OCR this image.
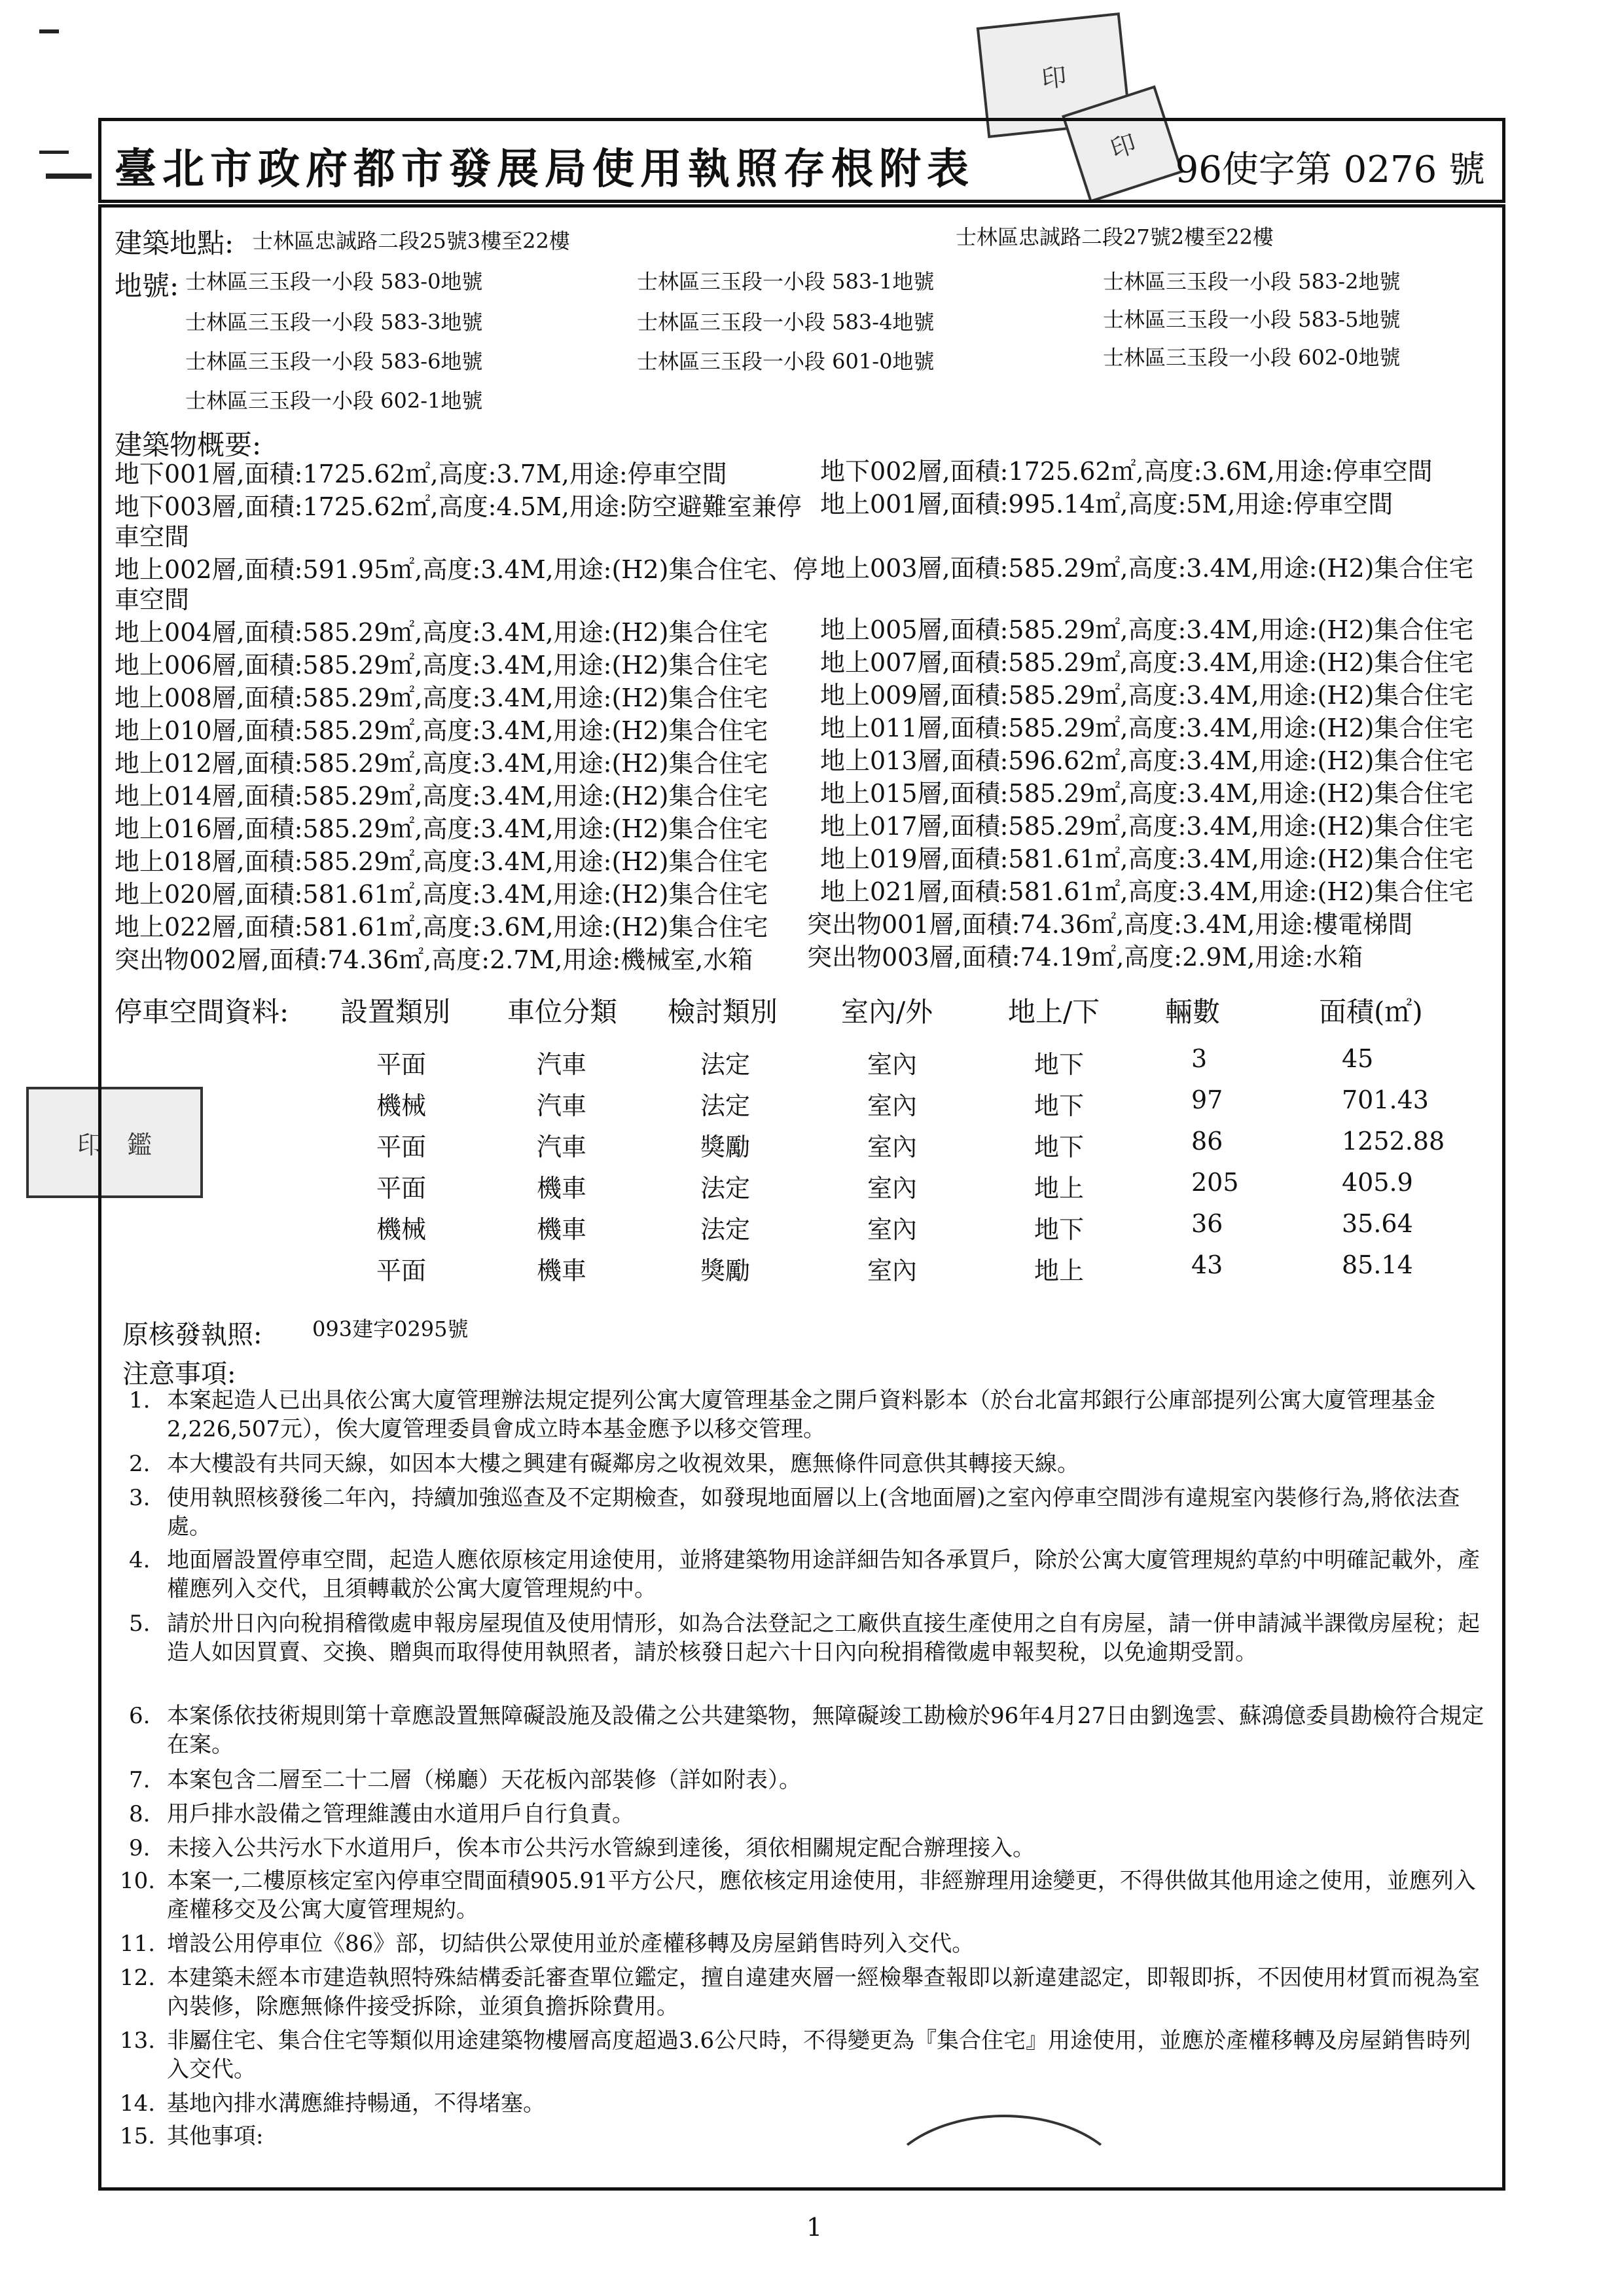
印
印
印　鑑
臺北市政府都市發展局使用執照存根附表	96使字第 0276 號
建築地點: 士林區忠誠路二段25號3樓至22樓	士林區忠誠路二段27號2樓至22樓
地號: 士林區三玉段一小段 583-0地號	士林區三玉段一小段 583-1地號	士林區三玉段一小段 583-2地號
士林區三玉段一小段 583-3地號	士林區三玉段一小段 583-4地號	士林區三玉段一小段 583-5地號
士林區三玉段一小段 583-6地號	士林區三玉段一小段 601-0地號	士林區三玉段一小段 602-0地號
士林區三玉段一小段 602-1地號
建築物概要:
地下001層,面積:1725.62㎡,高度:3.7M,用途:停車空間
地下003層,面積:1725.62㎡,高度:4.5M,用途:防空避難室兼停
車空間
地上002層,面積:591.95㎡,高度:3.4M,用途:(H2)集合住宅、停
車空間
地上004層,面積:585.29㎡,高度:3.4M,用途:(H2)集合住宅
地上006層,面積:585.29㎡,高度:3.4M,用途:(H2)集合住宅
地上008層,面積:585.29㎡,高度:3.4M,用途:(H2)集合住宅
地上010層,面積:585.29㎡,高度:3.4M,用途:(H2)集合住宅
地上012層,面積:585.29㎡,高度:3.4M,用途:(H2)集合住宅
地上014層,面積:585.29㎡,高度:3.4M,用途:(H2)集合住宅
地上016層,面積:585.29㎡,高度:3.4M,用途:(H2)集合住宅
地上018層,面積:585.29㎡,高度:3.4M,用途:(H2)集合住宅
地上020層,面積:581.61㎡,高度:3.4M,用途:(H2)集合住宅
地上022層,面積:581.61㎡,高度:3.6M,用途:(H2)集合住宅
突出物002層,面積:74.36㎡,高度:2.7M,用途:機械室,水箱
地下002層,面積:1725.62㎡,高度:3.6M,用途:停車空間
地上001層,面積:995.14㎡,高度:5M,用途:停車空間
地上003層,面積:585.29㎡,高度:3.4M,用途:(H2)集合住宅
地上005層,面積:585.29㎡,高度:3.4M,用途:(H2)集合住宅
地上007層,面積:585.29㎡,高度:3.4M,用途:(H2)集合住宅
地上009層,面積:585.29㎡,高度:3.4M,用途:(H2)集合住宅
地上011層,面積:585.29㎡,高度:3.4M,用途:(H2)集合住宅
地上013層,面積:596.62㎡,高度:3.4M,用途:(H2)集合住宅
地上015層,面積:585.29㎡,高度:3.4M,用途:(H2)集合住宅
地上017層,面積:585.29㎡,高度:3.4M,用途:(H2)集合住宅
地上019層,面積:581.61㎡,高度:3.4M,用途:(H2)集合住宅
地上021層,面積:581.61㎡,高度:3.4M,用途:(H2)集合住宅
突出物001層,面積:74.36㎡,高度:3.4M,用途:樓電梯間
突出物003層,面積:74.19㎡,高度:2.9M,用途:水箱
停車空間資料: 設置類別 車位分類 檢討類別 室內/外	地上/下 輛數	面積(㎡)
平面	汽車	法定	室內	地下	3	45
機械	汽車	法定	室內	地下	97	701.43
平面	汽車	獎勵	室內	地下	86	1252.88
平面	機車	法定	室內	地上	205	405.9
機械	機車	法定	室內	地下	36	35.64
平面	機車	獎勵	室內	地上	43	85.14
原核發執照: 093建字0295號
注意事項:
1. 本案起造人已出具依公寓大廈管理辦法規定提列公寓大廈管理基金之開戶資料影本（於台北富邦銀行公庫部提列公寓大廈管理基金2,226,507元），俟大廈管理委員會成立時本基金應予以移交管理。
2. 本大樓設有共同天線，如因本大樓之興建有礙鄰房之收視效果，應無條件同意供其轉接天線。
3. 使用執照核發後二年內，持續加強巡查及不定期檢查，如發現地面層以上(含地面層)之室內停車空間涉有違規室內裝修行為,將依法查處。
4. 地面層設置停車空間，起造人應依原核定用途使用，並將建築物用途詳細告知各承買戶，除於公寓大廈管理規約草約中明確記載外，產權應列入交代，且須轉載於公寓大廈管理規約中。
5. 請於卅日內向稅捐稽徵處申報房屋現值及使用情形，如為合法登記之工廠供直接生產使用之自有房屋，請一併申請減半課徵房屋稅；起造人如因買賣、交換、贈與而取得使用執照者，請於核發日起六十日內向稅捐稽徵處申報契稅，以免逾期受罰。
6. 本案係依技術規則第十章應設置無障礙設施及設備之公共建築物，無障礙竣工勘檢於96年4月27日由劉逸雲、蘇鴻億委員勘檢符合規定在案。
7. 本案包含二層至二十二層（梯廳）天花板內部裝修（詳如附表）。
8. 用戶排水設備之管理維護由水道用戶自行負責。
9. 未接入公共污水下水道用戶，俟本市公共污水管線到達後，須依相關規定配合辦理接入。
10. 本案一,二樓原核定室內停車空間面積905.91平方公尺，應依核定用途使用，非經辦理用途變更，不得供做其他用途之使用，並應列入產權移交及公寓大廈管理規約。
11. 增設公用停車位《86》部，切結供公眾使用並於產權移轉及房屋銷售時列入交代。
12. 本建築未經本市建造執照特殊結構委託審查單位鑑定，擅自違建夾層一經檢舉查報即以新違建認定，即報即拆，不因使用材質而視為室內裝修，除應無條件接受拆除，並須負擔拆除費用。
13. 非屬住宅、集合住宅等類似用途建築物樓層高度超過3.6公尺時，不得變更為『集合住宅』用途使用，並應於產權移轉及房屋銷售時列入交代。
14. 基地內排水溝應維持暢通，不得堵塞。
15. 其他事項:
1
